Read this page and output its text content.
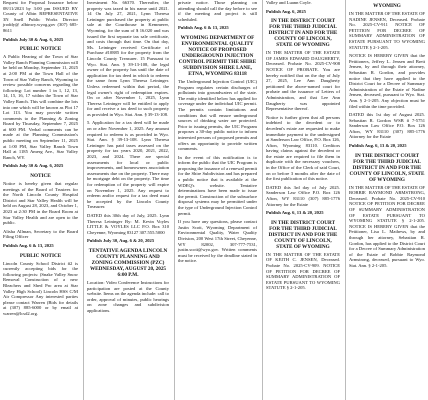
Request for Proposal Issuance below 08/11/2023 by 3:00 pm ISSUED BY County of Albin REPRESENTATIVE 3N Snell Public Works Director jroddy@ albinwy.wyog.gov (307) 685-8611

Publish July 30 & Aug. 6, 2025

PUBLIC NOTICE

A Public Hearing of the Town of Star Valley Ranch Planning Commission will be held on Monday, September 11, 2025 at 2:00 PM at the Town Hall of the Town of Star Valley Ranch, Wyoming to review possible concerns regarding the following: Lot number 1 in 1, 12, 13, 14, 15, 16, 17 within the Town of Star Valley Ranch. This will combine the lots into one which will be known as Plot 17 Lot 113. You may provide written comments to the Planning & Zoning Board by Thursday, September 7, 2025 at 600 PM. Verbal comments can be made at the Planning Commission's public meeting on September 11, 2025 at 1:00 PM, Star Valley Ranch Town Hall at 1185 Amerg Ave., Star Valley Ranch, WY.

Publish July 30 & Aug. 6, 2025

NOTICE

Notice is hereby given that regular meetings of the Board of Trustees for the North Lincoln County Hospital District and Star Valley Health will be held on August 28, 2023, and October 1, 2023 at 2:30 PM in the Board Room at Star Valley Health and are open to the public.

Alisha Allman, Secretary to the Board Filing Officer

Publish Aug. 6 & 13, 2025

PUBLIC NOTICE

Lincoln County School District #2 is currently accepting bids for the following projects: (Snake Valley Snow Removal Construction of a new Bleachers and Shed Pro area at Star Valley High School) Lincoln HSS C/M Air Compressor Any interested parties please contact Warren (Bids for details at (307) 885-6000 or by email at warren@lcsd2.org.

Investment No. 66370. Thereafter, the property was taxed in his name until 2021. 14 On July 27, 2021, Lynn Theresa Leininger purchased the property at public sale at the Courthouse in Kemmerer, Wyoming, for the sum of $ 16.020 and was issued the first separate tax sale certificate, and costs through that time. On that day, Ms. Leininger received Certificate of Purchase #10885 for the property from the Lincoln County Treasurer. 15 Pursuant to Wyo. Stat. Ann. § 39-13-108, the legal owner of the property has until the date of application for tax deed in which to redeem the same from Lynn Theresa Leininger. Unless redeemed within that period, the legal owner's right of redemption expires. On or after November 1, 2025, Lynn Theresa Leininger will be entitled to apply for and receive a tax deed to such property as provided in Wyo. Stat. Ann. § 39-13-108.

5. Application for a tax deed will be made on or after November 1, 2025. Any amount required to redeem is as provided in Wyo. Stat. Ann. § 39-13-108. Lynn Theresa Leininger has paid taxes assessed on the property for tax years 2020, 2021, 2022, 2023, and 2024. There are special assessments for local or public improvements, and homeowners association assessments due on the property. There may be mortgage debt on the property. The time for redemption of the property will expire on November 1, 2025. Any request to redeem and/or request for a tax deed must be accepted by the Lincoln County Treasurer.

DATED this 30th day of July, 2025. Lynn Theresa Leininger By: M. Kevin Voyles LITTLE & VOYLES LLC P.O. Box 310 Cheyenne, Wyoming 83127 307.555.5000

Publish July 30, Aug. 6 & 20, 2025

TENTATIVE AGENDA LINCOLN COUNTY PLANNING AND ZONING COMMISSION (PZC) WEDNESDAY, AUGUST 20, 2025 6:00 P.M.

Location: Video Conference Instructions for participation are posted at the County website. Items on the agenda include: call to order, approval of minutes, public hearings on zone changes and subdivision applications.

private notice. Those planning on attending should call the day before to see if the meeting and project is still scheduled.

Publish Aug. 6 & 13, 2025

WYOMING DEPARTMENT OF ENVIRONMENTAL QUALITY NOTICE OF PROPOSED UNDERGROUND INJECTION CONTROL PERMIT THE SHIRE SUBDIVISION SHIRE LANE, ETNA, WYOMING 83118

The Underground Injection Control (UIC) Program regulates certain discharges of pollutants into groundwaters of the state. The entity identified below has applied for coverage under the individual UIC permit. The permits contain limitations and conditions that will ensure underground sources of drinking water are protected. Prior to issuing permits, the UIC Program proposes a 30-day public notice to inform interested persons of proposed permits and offers an opportunity to provide written comments.

In the event of this notification is to inform the public that the UIC Program is proposing the issuance of a renewal permit for the Shire Subdivision and has prepared a public notice that is available at the WDEQ's website. Tentative determinations have been made to issue the permit. Construction of the subsurface disposal systems may be permitted under the type of Underground Injection Control permit.

If you have any questions, please contact Justin Scott, Wyoming Department of Environmental Quality, Water Quality Division, 200 West 17th Street, Cheyenne, WY 82002, 307-777-7531, justin.scott@wyo.gov. Written comments must be received by the deadline stated in the notice.

Valley and Luann Coyle.

Publish Aug. 6, 2025

IN THE DISTRICT COURT FOR THE THIRD JUDICIAL DISTRICT IN AND FOR THE COUNTY OF LINCOLN, STATE OF WYOMING

IN THE MATTER OF THE ESTATE OF JAMES EDWARD DAUGHERTY, Deceased. Probate No. 2025-CV-908 NOTICE OF PROBATE. You are hereby notified that on the day of July 27, 2025, Lee Ann Daugherty petitioned the above-named court for probate and the issuance of Letters of Administration, and that Lee Ann Daugherty was appointed Representative thereof.

Notice is further given that all persons indebted to the decedent or to decedent's estate are requested to make immediate payment to the undersigned at Sanderson Law Office, P.O. Box 126, Afton, Wyoming 83110. Creditors having claims against the decedent or the estate are required to file them in duplicate with the necessary vouchers, in the Office of the Clerk of said Court, on or before 3 months after the date of the first publication of this notice.

DATED this 3rd day of July 2025. Sanderson Law Office P.O. Box 126 Afton, WY 83110 (307) 885-1776 Attorney for the Estate

Publish Aug. 6, 13 & 20, 2025

IN THE DISTRICT COURT FOR THE THIRD JUDICIAL DISTRICT IN AND FOR THE COUNTY OF LINCOLN, STATE OF WYOMING

IN THE MATTER OF THE ESTATE OF KEITH C. JENSEN, Deceased. Probate No. 2025-CV-909. NOTICE OF PETITION FOR DECREE OF SUMMARY ADMINISTRATION OF ESTATE PURSUANT TO WYOMING STATUTE § 2-1-205.

WYOMING

IN THE MATTER OF THE ESTATE OF NADINE JENSEN, Deceased. Probate No. 2025-CV-911 NOTICE OF PETITION FOR DECREE OF SUMMARY ADMINISTRATION OF ESTATE PURSUANT TO WYOMING STATUTE § 2-1-205.

NOTICE IS HEREBY GIVEN that the Petitioners, Jeffery L. Jensen and Brett Jensen, by and through their attorney, Sebastian R. Gordon, and provides notice that they have applied to the District Court for a Decree of Summary Administration of the Estate of Nadine Jensen, deceased, pursuant to Wyo. Stat. Ann. § 2-1-205. Any objection must be filed within the time provided.

DATED this 1st day of August 2025. Sebastian R. Gordon WSB # 7-5751 Sanderson Law Office P.O. Box 126 Afton, WY 83110 (307) 885-1776 Attorney for the Estate

Publish Aug. 6, 13 & 20, 2025

IN THE DISTRICT COURT FOR THE THIRD JUDICIAL DISTRICT IN AND FOR THE COUNTY OF LINCOLN, STATE OF WYOMING

IN THE MATTER OF THE ESTATE OF BOBBIE RAYMOND ARMSTRONG, Deceased. Probate No. 2025-CV-910 NOTICE OF PETITION FOR DECREE OF SUMMARY ADMINISTRATION OF ESTATE PURSUANT TO WYOMING STATUTE § 2-1-205. NOTICE IS HEREBY GIVEN that the Petitioner, Lisa L. Mathews, by and through her attorney, Sebastian R. Gordon, has applied to the District Court for a Decree of Summary Administration of the Estate of Bobbie Raymond Armstrong, deceased, pursuant to Wyo. Stat. Ann. § 2-1-205.
